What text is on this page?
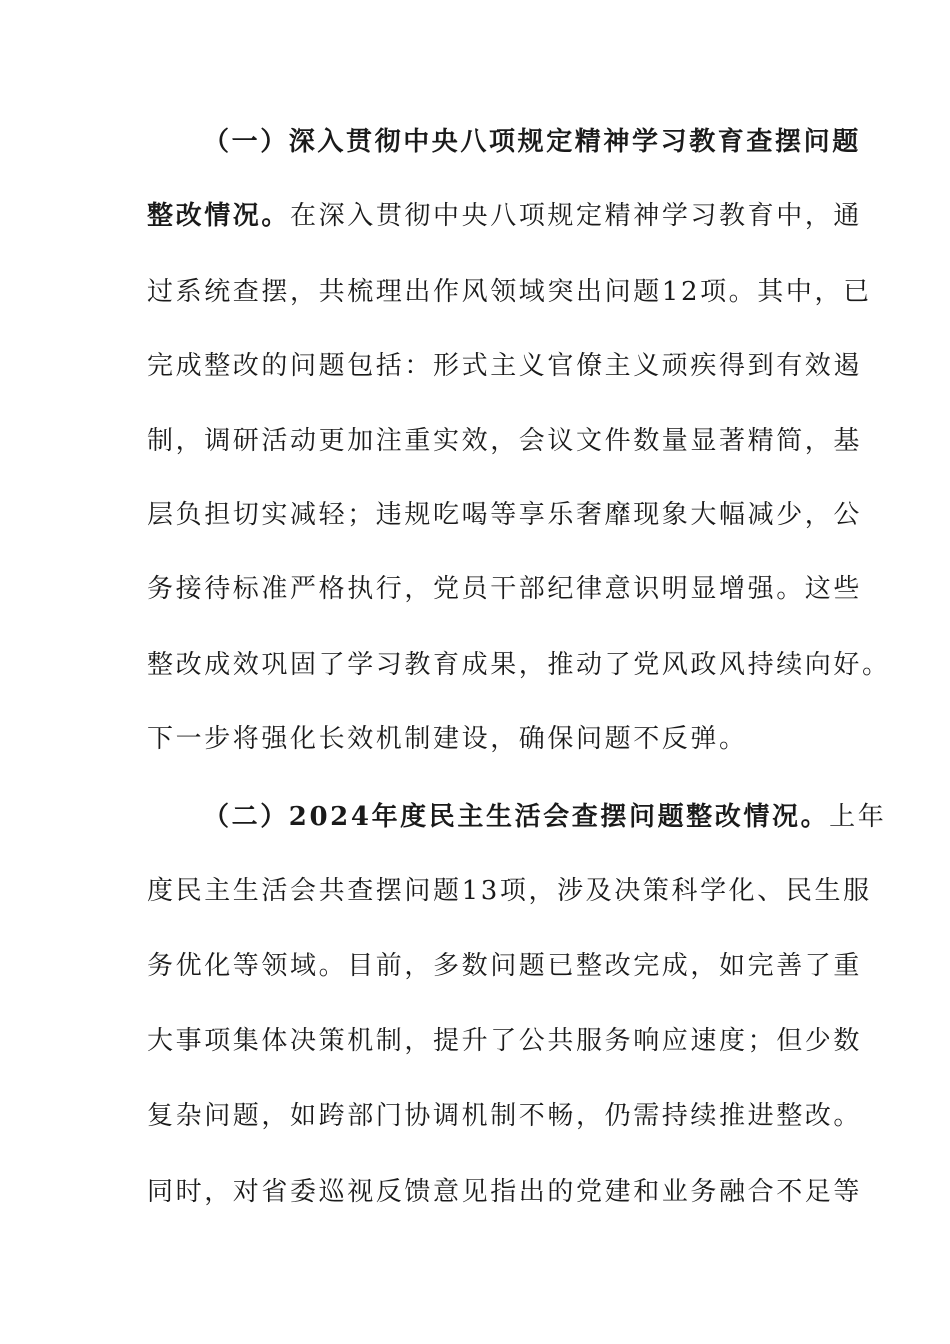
（一）深入贯彻中央八项规定精神学习教育查摆问题
整改情况。在深入贯彻中央八项规定精神学习教育中，通
过系统查摆，共梳理出作风领域突出问题12项。其中，已
完成整改的问题包括：形式主义官僚主义顽疾得到有效遏
制，调研活动更加注重实效，会议文件数量显著精简，基
层负担切实减轻；违规吃喝等享乐奢靡现象大幅减少，公
务接待标准严格执行，党员干部纪律意识明显增强。这些
整改成效巩固了学习教育成果，推动了党风政风持续向好。
下一步将强化长效机制建设，确保问题不反弹。
（二）2024年度民主生活会查摆问题整改情况。上年
度民主生活会共查摆问题13项，涉及决策科学化、民生服
务优化等领域。目前，多数问题已整改完成，如完善了重
大事项集体决策机制，提升了公共服务响应速度；但少数
复杂问题，如跨部门协调机制不畅，仍需持续推进整改。
同时，对省委巡视反馈意见指出的党建和业务融合不足等
